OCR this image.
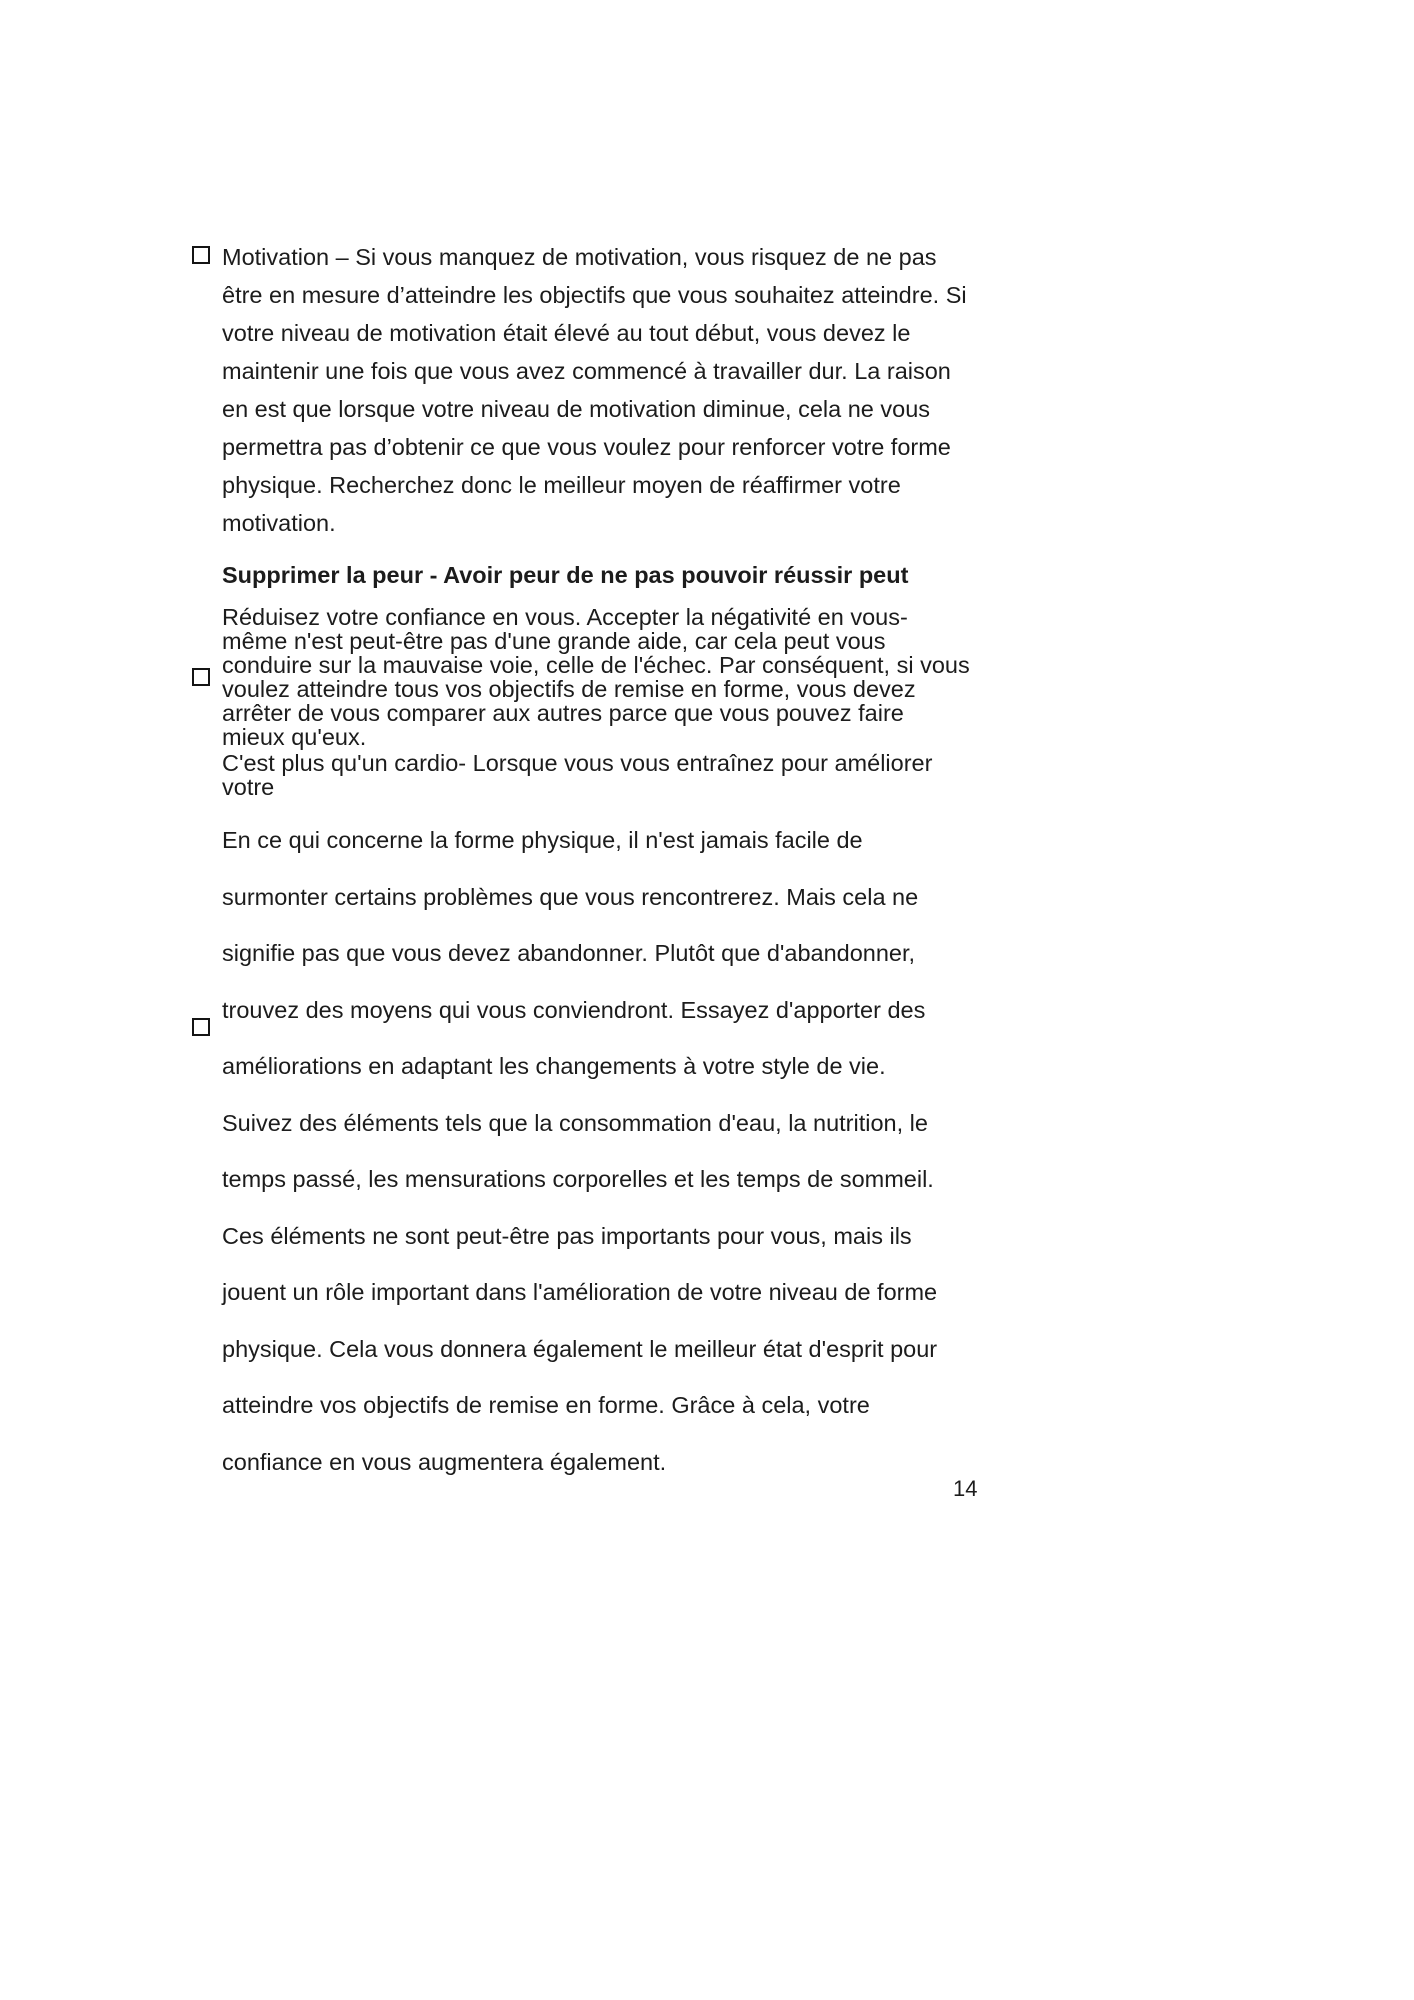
Motivation – Si vous manquez de motivation, vous risquez de ne pas être en mesure d’atteindre les objectifs que vous souhaitez atteindre. Si votre niveau de motivation était élevé au tout début, vous devez le maintenir une fois que vous avez commencé à travailler dur. La raison en est que lorsque votre niveau de motivation diminue, cela ne vous permettra pas d’obtenir ce que vous voulez pour renforcer votre forme physique. Recherchez donc le meilleur moyen de réaffirmer votre motivation.

Supprimer la peur - Avoir peur de ne pas pouvoir réussir peut

Réduisez votre confiance en vous. Accepter la négativité en vous-même n'est peut-être pas d'une grande aide, car cela peut vous conduire sur la mauvaise voie, celle de l'échec. Par conséquent, si vous voulez atteindre tous vos objectifs de remise en forme, vous devez arrêter de vous comparer aux autres parce que vous pouvez faire mieux qu'eux.

C'est plus qu'un cardio- Lorsque vous vous entraînez pour améliorer votre

En ce qui concerne la forme physique, il n'est jamais facile de surmonter certains problèmes que vous rencontrerez. Mais cela ne signifie pas que vous devez abandonner. Plutôt que d'abandonner, trouvez des moyens qui vous conviendront. Essayez d'apporter des améliorations en adaptant les changements à votre style de vie.

Suivez des éléments tels que la consommation d'eau, la nutrition, le temps passé, les mensurations corporelles et les temps de sommeil. Ces éléments ne sont peut-être pas importants pour vous, mais ils jouent un rôle important dans l'amélioration de votre niveau de forme physique. Cela vous donnera également le meilleur état d'esprit pour atteindre vos objectifs de remise en forme. Grâce à cela, votre confiance en vous augmentera également.

14
